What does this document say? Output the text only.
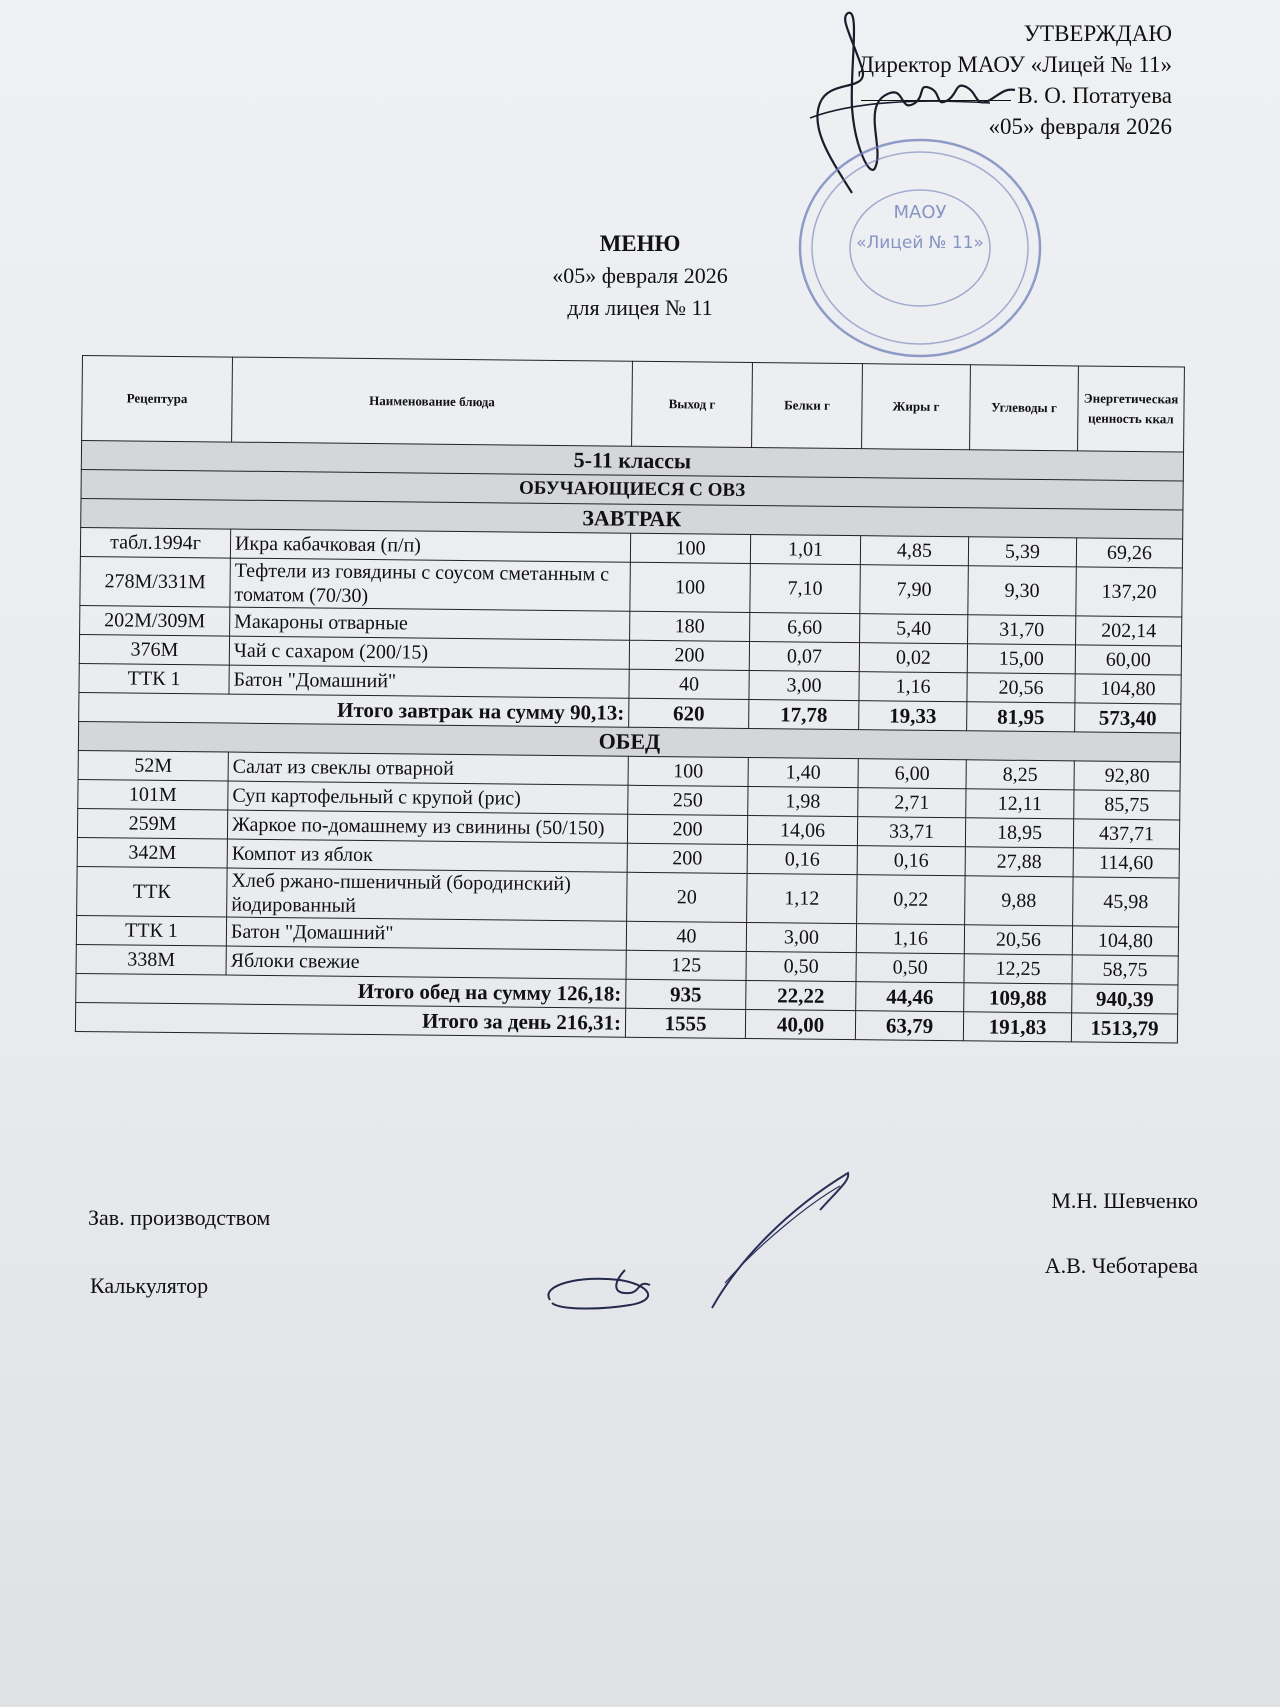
УТВЕРЖДАЮ
Директор МАОУ «Лицей № 11»
В. О. Потатуева
«05» февраля 2026
МАОУ
«Лицей № 11»
МЕНЮ
«05» февраля 2026
для лицея № 11
Рецептура	Наименование блюда	Выход г	Белки г	Жиры г	Углеводы г	Энергетическая ценность ккал
5-11 классы						
ОБУЧАЮЩИЕСЯ С ОВЗ						
ЗАВТРАК						
табл.1994г	Икра кабачковая (п/п)	100	1,01	4,85	5,39	69,26
278М/331М	Тефтели из говядины с соусом сметанным с томатом (70/30)	100	7,10	7,90	9,30	137,20
202М/309М	Макароны отварные	180	6,60	5,40	31,70	202,14
376М	Чай с сахаром (200/15)	200	0,07	0,02	15,00	60,00
ТТК 1	Батон "Домашний"	40	3,00	1,16	20,56	104,80
Итого завтрак на сумму 90,13:		620	17,78	19,33	81,95	573,40
ОБЕД						
52М	Салат из свеклы отварной	100	1,40	6,00	8,25	92,80
101М	Суп картофельный с крупой (рис)	250	1,98	2,71	12,11	85,75
259М	Жаркое по-домашнему из свинины (50/150)	200	14,06	33,71	18,95	437,71
342М	Компот из яблок	200	0,16	0,16	27,88	114,60
ТТК	Хлеб ржано-пшеничный (бородинский) йодированный	20	1,12	0,22	9,88	45,98
ТТК 1	Батон "Домашний"	40	3,00	1,16	20,56	104,80
338М	Яблоки свежие	125	0,50	0,50	12,25	58,75
Итого обед на сумму 126,18:		935	22,22	44,46	109,88	940,39
Итого за день 216,31:		1555	40,00	63,79	191,83	1513,79
Зав. производством
М.Н. Шевченко
Калькулятор
А.В. Чеботарева
